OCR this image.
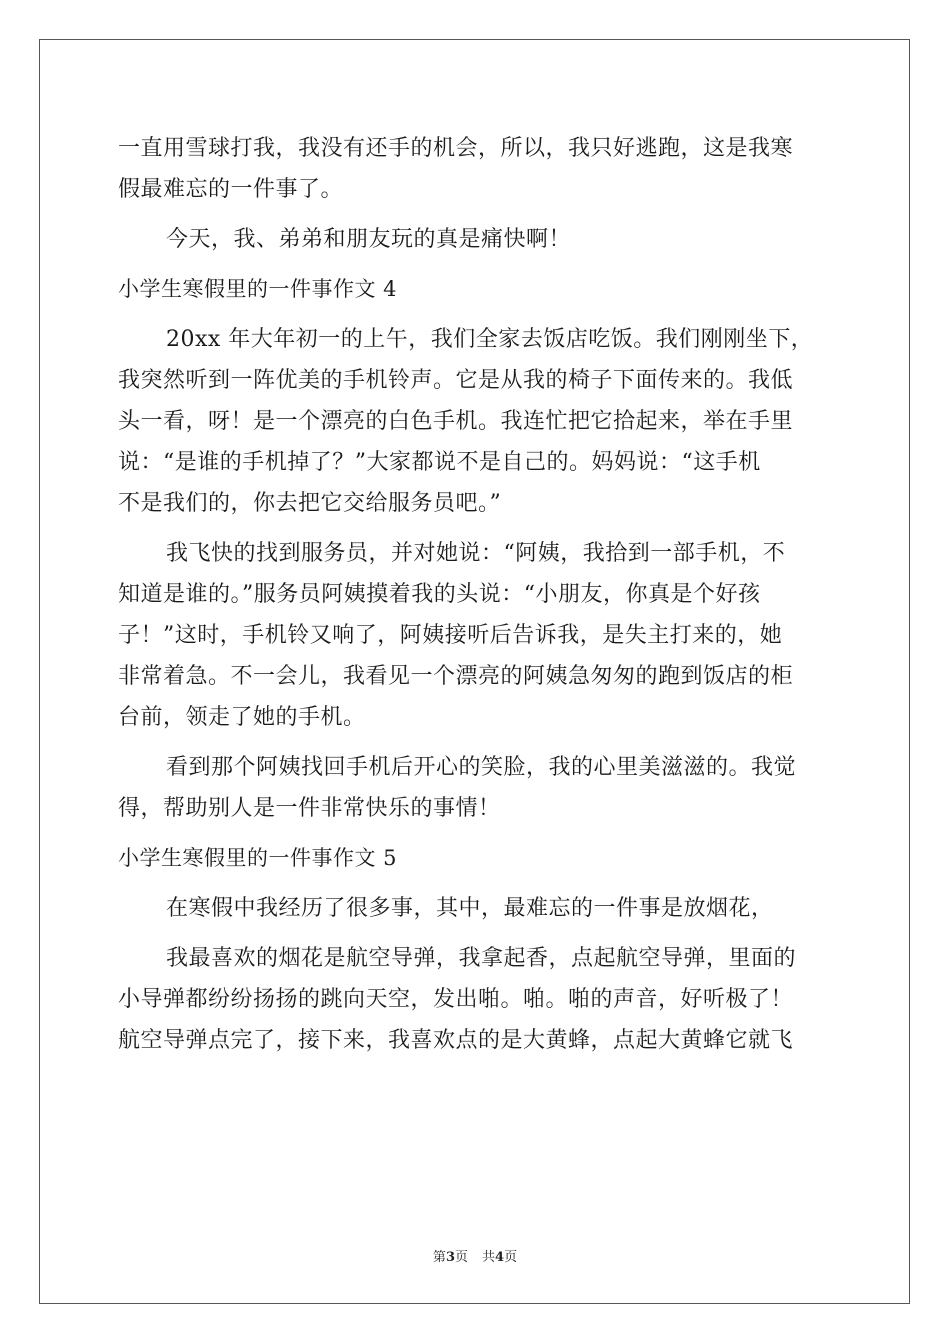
一直用雪球打我，我没有还手的机会，所以，我只好逃跑，这是我寒
假最难忘的一件事了。
今天，我、弟弟和朋友玩的真是痛快啊！
小学生寒假里的一件事作文 4
20xx 年大年初一的上午，我们全家去饭店吃饭。我们刚刚坐下，
我突然听到一阵优美的手机铃声。它是从我的椅子下面传来的。我低
头一看，呀！是一个漂亮的白色手机。我连忙把它拾起来，举在手里
说：“是谁的手机掉了？”大家都说不是自己的。妈妈说：“这手机
不是我们的，你去把它交给服务员吧。”
我飞快的找到服务员，并对她说：“阿姨，我拾到一部手机，不
知道是谁的。”服务员阿姨摸着我的头说：“小朋友，你真是个好孩
子！”这时，手机铃又响了，阿姨接听后告诉我，是失主打来的，她
非常着急。不一会儿，我看见一个漂亮的阿姨急匆匆的跑到饭店的柜
台前，领走了她的手机。
看到那个阿姨找回手机后开心的笑脸，我的心里美滋滋的。我觉
得，帮助别人是一件非常快乐的事情！
小学生寒假里的一件事作文 5
在寒假中我经历了很多事，其中，最难忘的一件事是放烟花，
我最喜欢的烟花是航空导弹，我拿起香，点起航空导弹，里面的
小导弹都纷纷扬扬的跳向天空，发出啪。啪。啪的声音，好听极了！
航空导弹点完了，接下来，我喜欢点的是大黄蜂，点起大黄蜂它就飞
第3页 共4页
